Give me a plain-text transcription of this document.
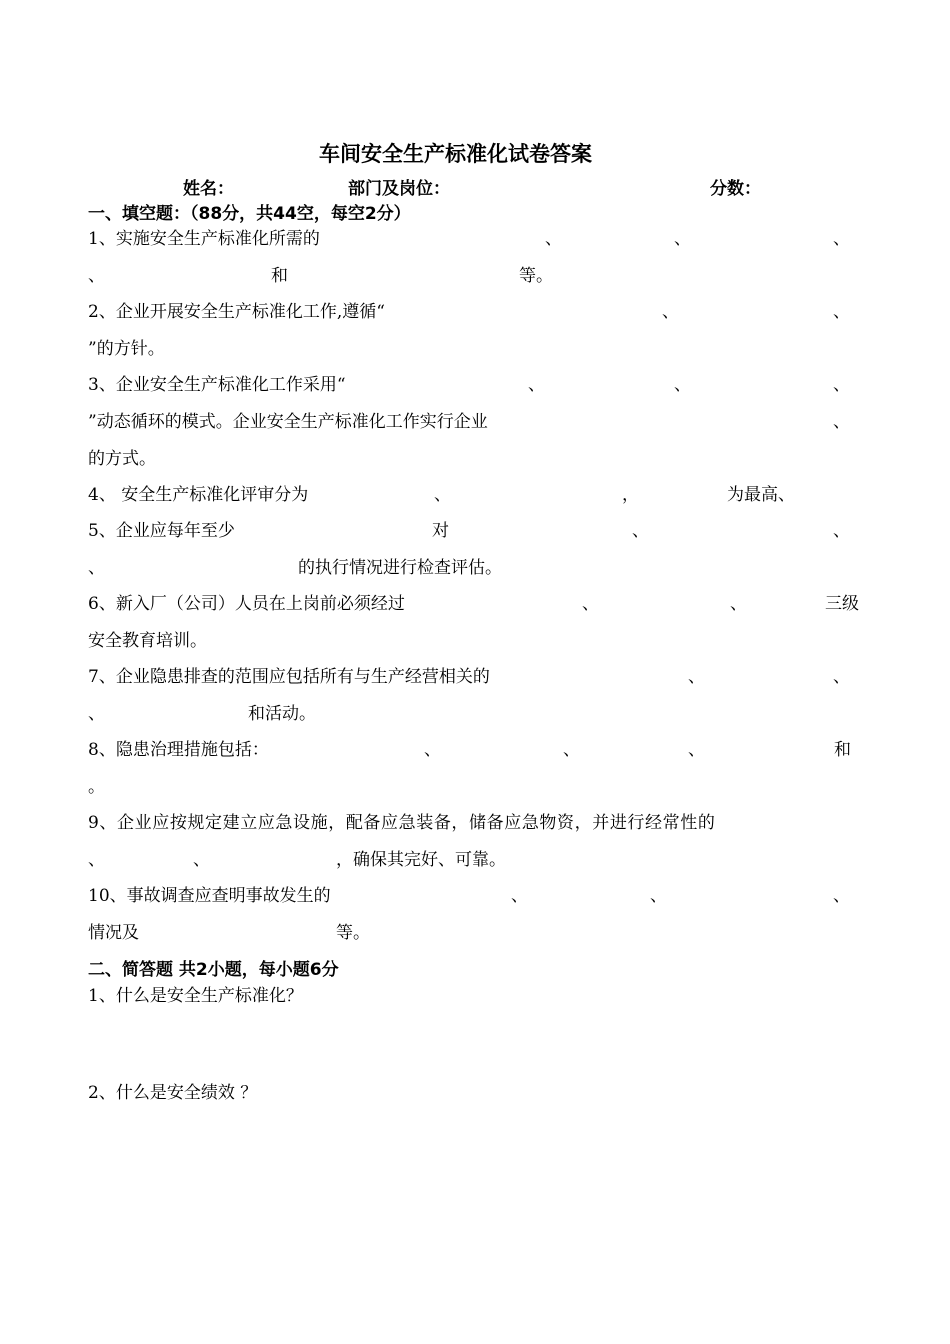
车间安全生产标准化试卷答案
姓名：	部门及岗位：	分数：
一、填空题：（88分，共44空，每空2分）
1、实施安全生产标准化所需的	、	、	、
、	和	等。
2、企业开展安全生产标准化工作,遵循“	、	、
”的方针。
3、企业安全生产标准化工作采用“	、	、	、
”动态循环的模式。企业安全生产标准化工作实行企业	、
的方式。
4、 安全生产标准化评审分为	、	，	为最高、
5、企业应每年至少	对	、	、
、	的执行情况进行检查评估。
6、新入厂（公司）人员在上岗前必须经过	、	、	三级
安全教育培训。
7、企业隐患排查的范围应包括所有与生产经营相关的	、	、
、	和活动。
8、隐患治理措施包括：	、	、	、	和
。
9、企业应按规定建立应急设施，配备应急装备，储备应急物资，并进行经常性的
、	、	，确保其完好、可靠。
10、事故调查应查明事故发生的	、	、	、
情况及	等。
二、简答题 共2小题，每小题6分
1、什么是安全生产标准化？
2、什么是安全绩效 ？
